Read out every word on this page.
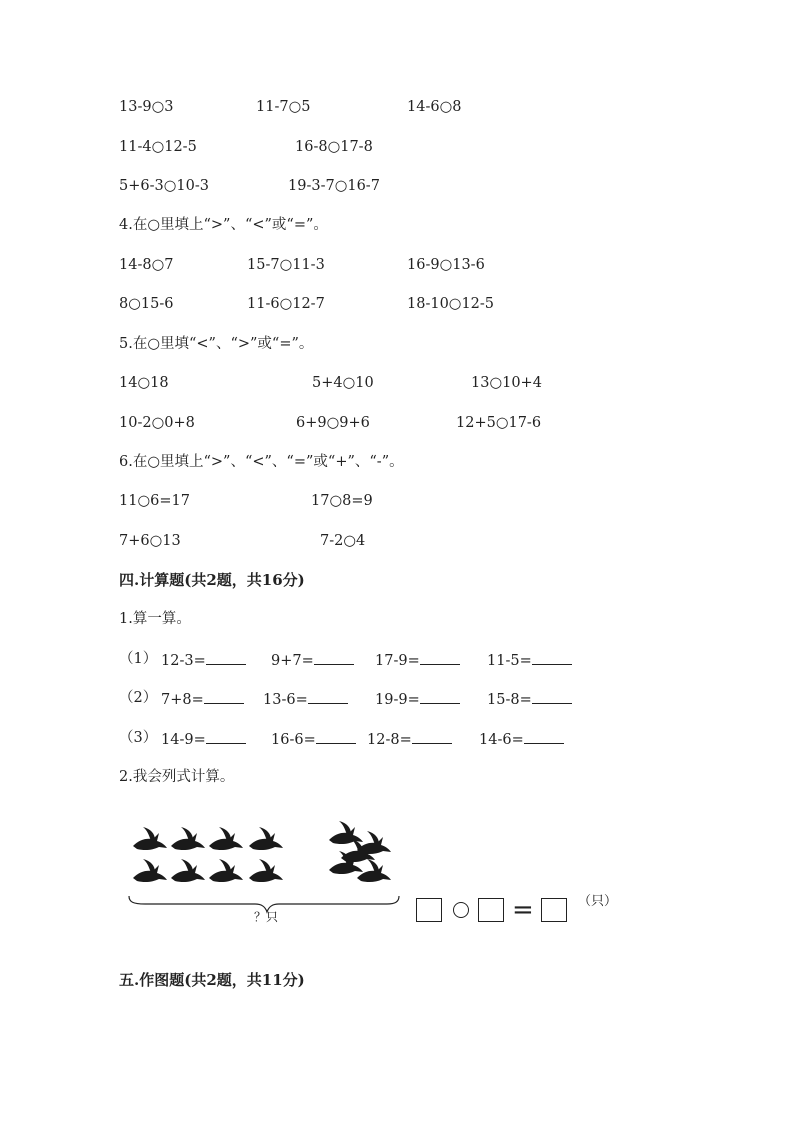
13-9○3	11-7○5	14-6○8
11-4○12-5	16-8○17-8
5+6-3○10-3	19-3-7○16-7
4.在○里填上“>”、“<”或“=”。
14-8○7	15-7○11-3	16-9○13-6
8○15-6	11-6○12-7	18-10○12-5
5.在○里填“<”、“>”或“=”。
14○18	5+4○10	13○10+4
10-2○0+8	6+9○9+6	12+5○17-6
6.在○里填上“>”、“<”、“=”或“+”、“-”。
11○6=17	17○8=9
7+6○13	7-2○4
四.计算题(共2题，共16分)
1.算一算。
（1） 12-3=	9+7=	17-9=	11-5=
（2） 7+8=	13-6=	19-9=	15-8=
（3） 14-9=	16-6=	12-8=	14-6=
2.我会列式计算。
？只	=	（只）
五.作图题(共2题，共11分)
